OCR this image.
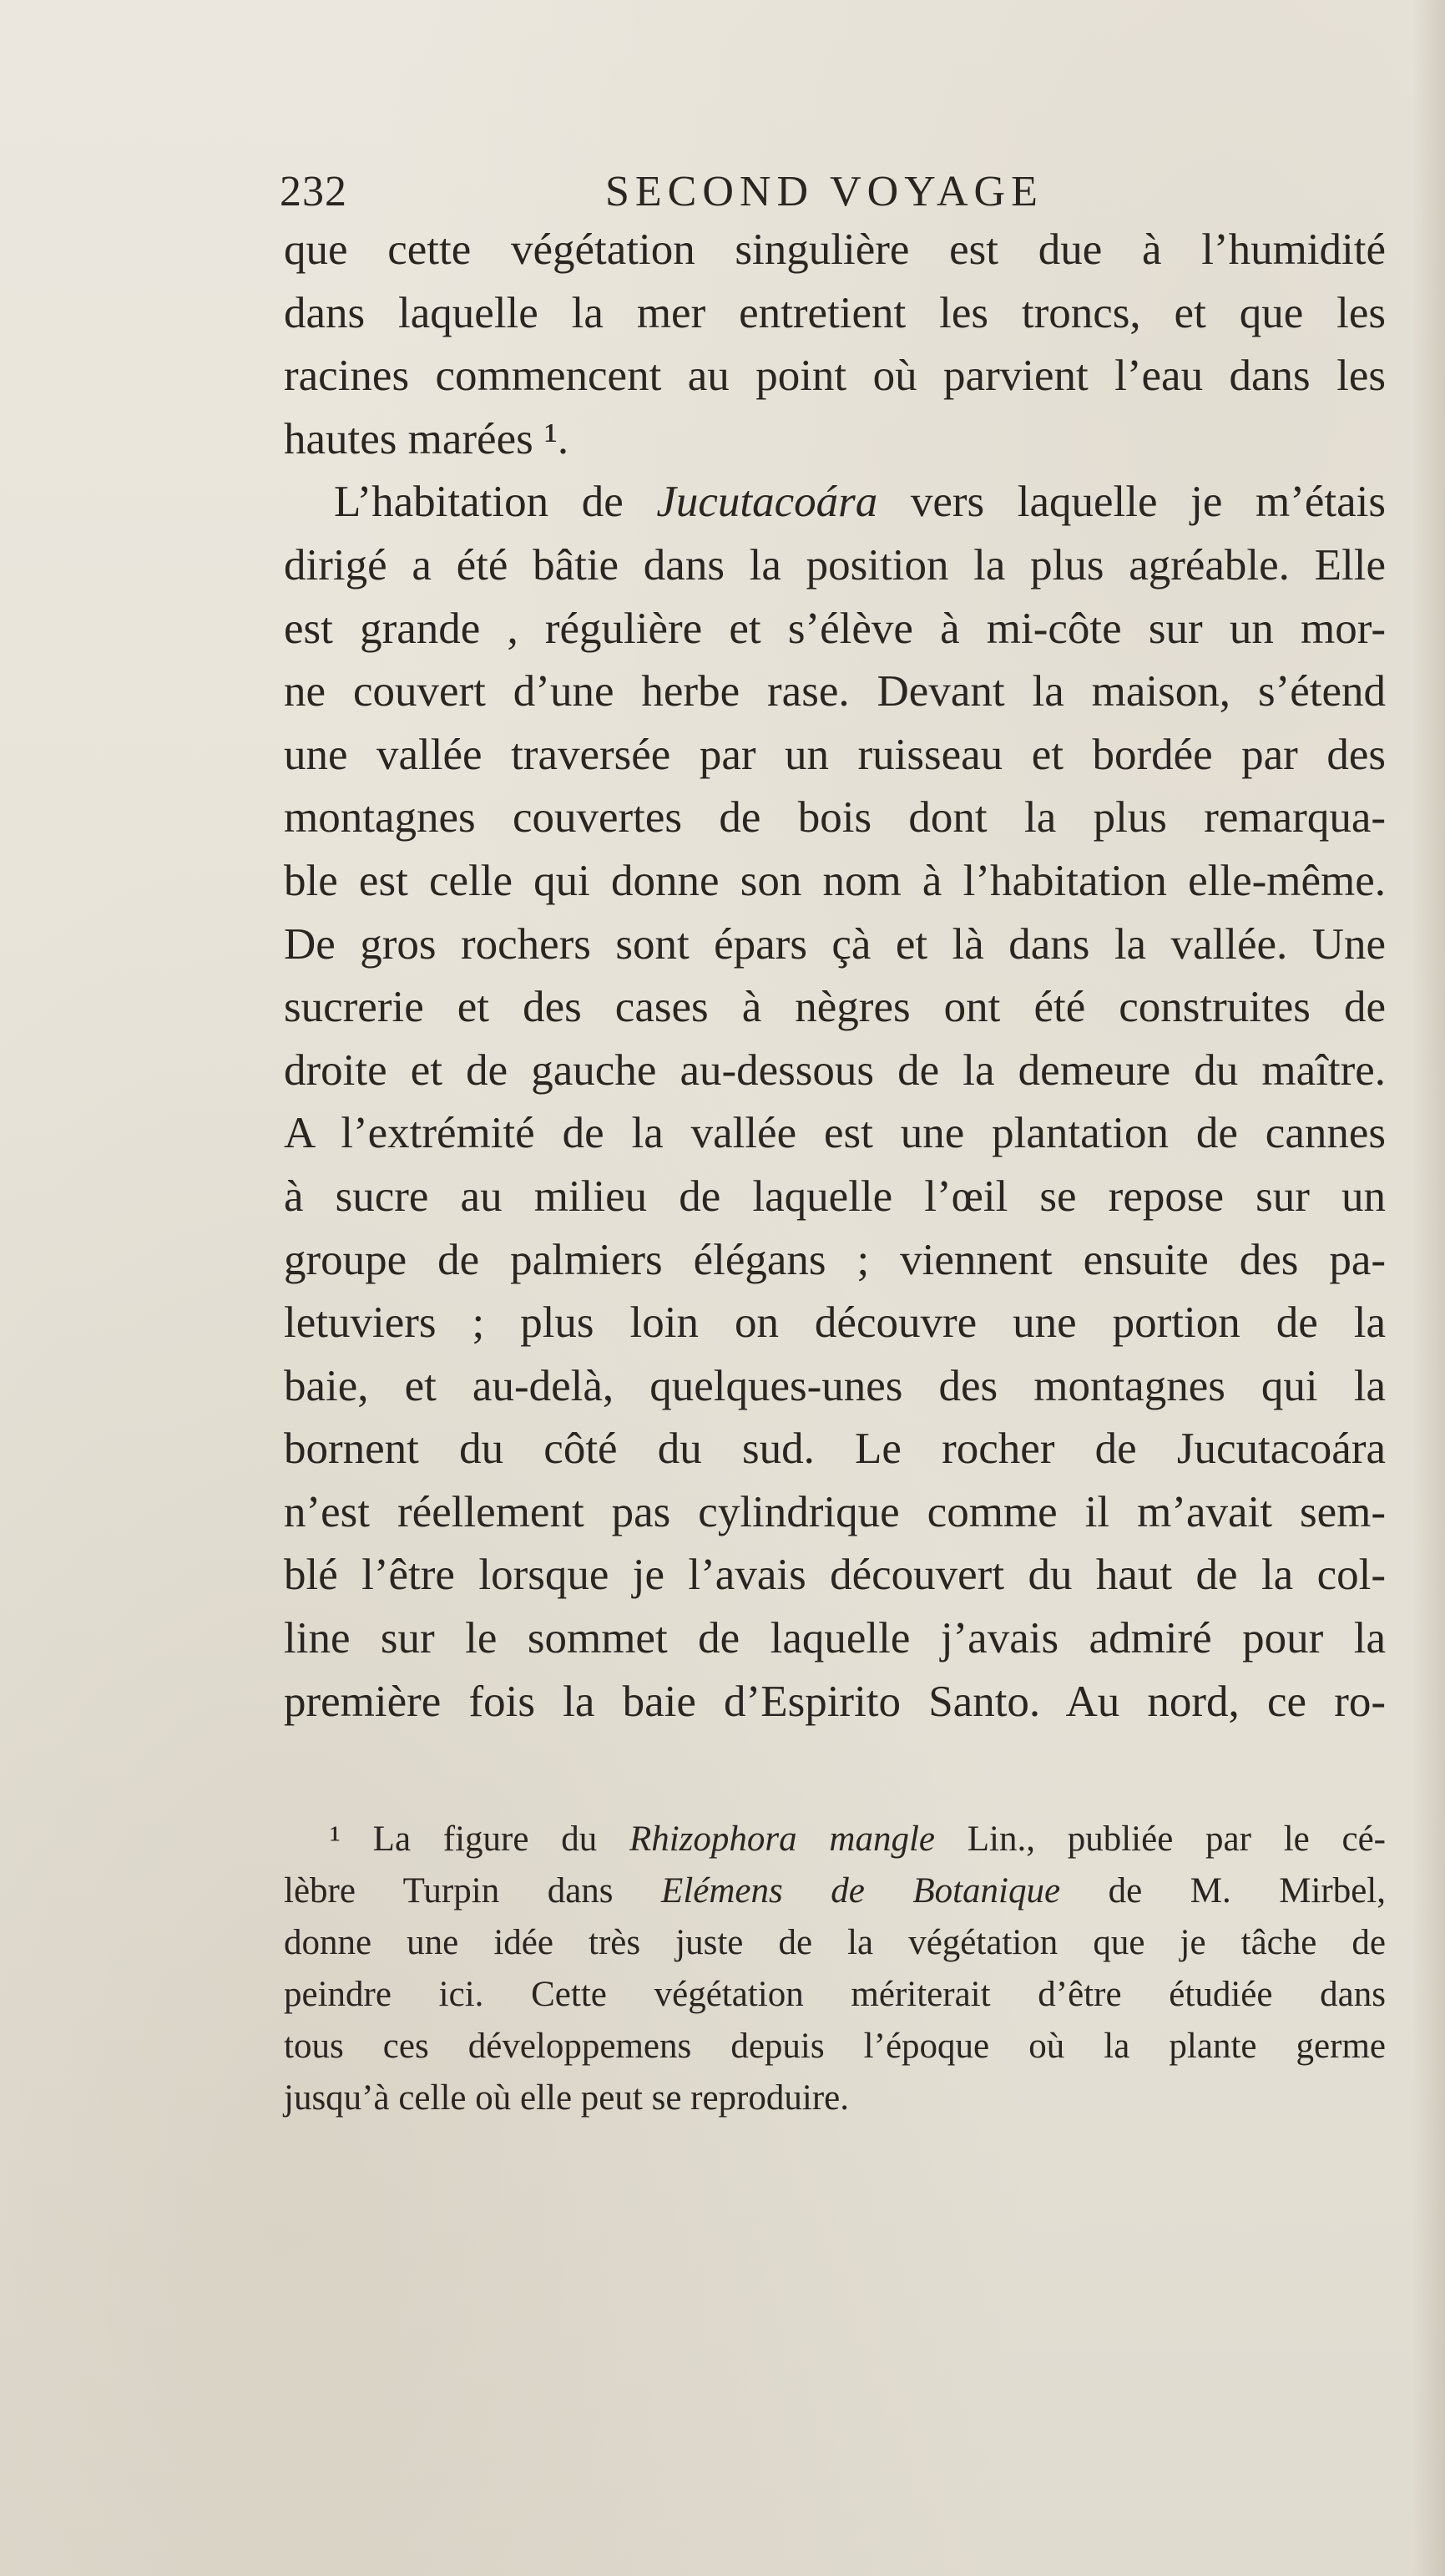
232	SECOND VOYAGE
que cette végétation singulière est due à l’humidité
dans laquelle la mer entretient les troncs, et que les
racines commencent au point où parvient l’eau dans les
hautes marées ¹.
L’habitation de Jucutacoára vers laquelle je m’étais
dirigé a été bâtie dans la position la plus agréable. Elle
est grande , régulière et s’élève à mi-côte sur un mor-
ne couvert d’une herbe rase. Devant la maison, s’étend
une vallée traversée par un ruisseau et bordée par des
montagnes couvertes de bois dont la plus remarqua-
ble est celle qui donne son nom à l’habitation elle-même.
De gros rochers sont épars çà et là dans la vallée. Une
sucrerie et des cases à nègres ont été construites de
droite et de gauche au-dessous de la demeure du maître.
A l’extrémité de la vallée est une plantation de cannes
à sucre au milieu de laquelle l’œil se repose sur un
groupe de palmiers élégans ; viennent ensuite des pa-
letuviers ; plus loin on découvre une portion de la
baie, et au-delà, quelques-unes des montagnes qui la
bornent du côté du sud. Le rocher de Jucutacoára
n’est réellement pas cylindrique comme il m’avait sem-
blé l’être lorsque je l’avais découvert du haut de la col-
line sur le sommet de laquelle j’avais admiré pour la
première fois la baie d’Espirito Santo. Au nord, ce ro-
¹ La figure du Rhizophora mangle Lin., publiée par le cé-
lèbre Turpin dans Elémens de Botanique de M. Mirbel,
donne une idée très juste de la végétation que je tâche de
peindre ici. Cette végétation mériterait d’être étudiée dans
tous ces développemens depuis l’époque où la plante germe
jusqu’à celle où elle peut se reproduire.
